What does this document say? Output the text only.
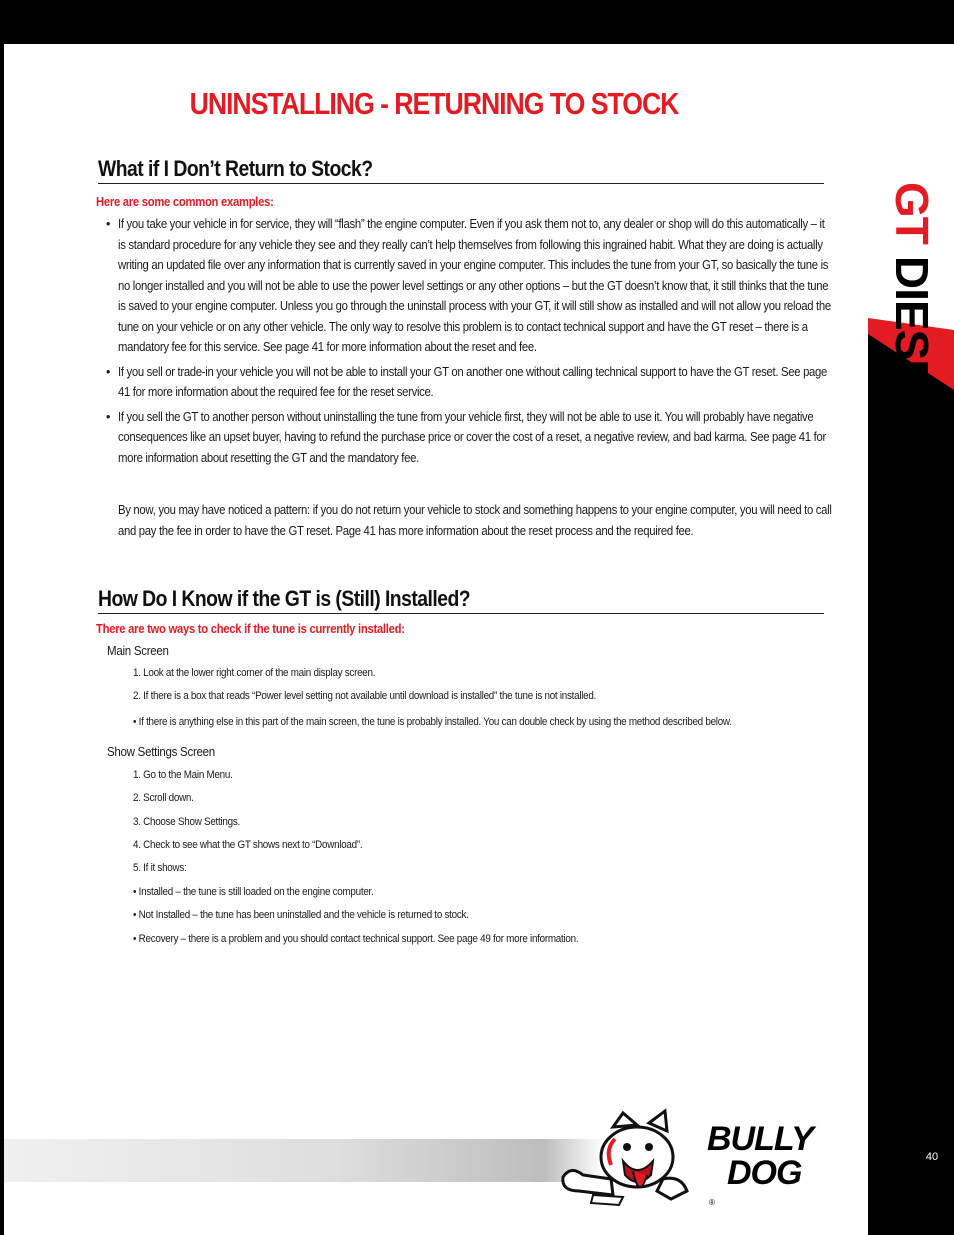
GTDIESEL
UNINSTALLING - RETURNING TO STOCK
What if I Don’t Return to Stock?
Here are some common examples:
• If you take your vehicle in for service, they will “flash” the engine computer. Even if you ask them not to, any dealer or shop will do this automatically – it is standard procedure for any vehicle they see and they really can’t help themselves from following this ingrained habit. What they are doing is actually writing an updated file over any information that is currently saved in your engine computer. This includes the tune from your GT, so basically the tune is no longer installed and you will not be able to use the power level settings or any other options – but the GT doesn’t know that, it still thinks that the tune is saved to your engine computer. Unless you go through the uninstall process with your GT, it will still show as installed and will not allow you reload the tune on your vehicle or on any other vehicle. The only way to resolve this problem is to contact technical support and have the GT reset – there is a mandatory fee for this service. See page 41 for more information about the reset and fee.
• If you sell or trade-in your vehicle you will not be able to install your GT on another one without calling technical support to have the GT reset. See page 41 for more information about the required fee for the reset service.
• If you sell the GT to another person without uninstalling the tune from your vehicle first, they will not be able to use it. You will probably have negative consequences like an upset buyer, having to refund the purchase price or cover the cost of a reset, a negative review, and bad karma. See page 41 for more information about resetting the GT and the mandatory fee.
By now, you may have noticed a pattern: if you do not return your vehicle to stock and something happens to your engine computer, you will need to call and pay the fee in order to have the GT reset. Page 41 has more information about the reset process and the required fee.
How Do I Know if the GT is (Still) Installed?
There are two ways to check if the tune is currently installed:
Main Screen
1. Look at the lower right corner of the main display screen.
2. If there is a box that reads “Power level setting not available until download is installed” the tune is not installed.
• If there is anything else in this part of the main screen, the tune is probably installed. You can double check by using the method described below.
Show Settings Screen
1. Go to the Main Menu.
2. Scroll down.
3. Choose Show Settings.
4. Check to see what the GT shows next to “Download”.
5. If it shows:
• Installed – the tune is still loaded on the engine computer.
• Not Installed – the tune has been uninstalled and the vehicle is returned to stock.
• Recovery – there is a problem and you should contact technical support. See page 49 for more information.
BULLY
DOG
®
40
